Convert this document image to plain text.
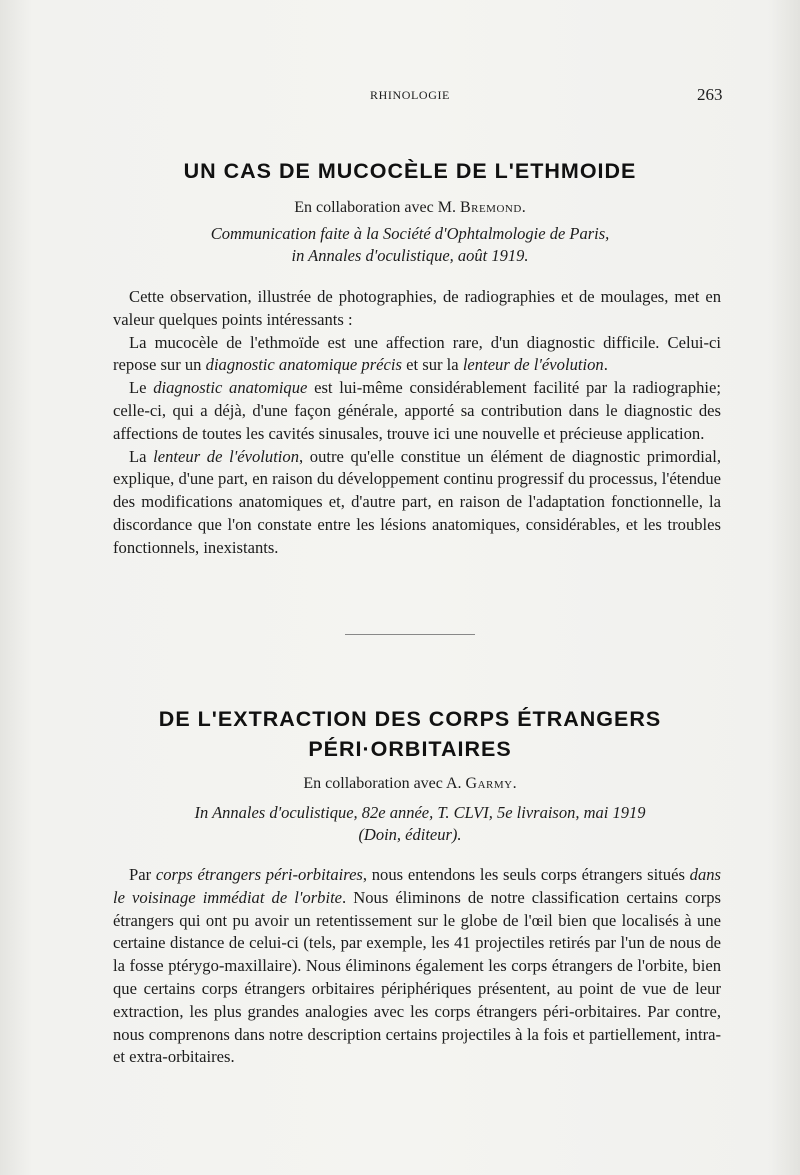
RHINOLOGIE	263
UN CAS DE MUCOCÈLE DE L'ETHMOIDE
En collaboration avec M. Bremond.
Communication faite à la Société d'Ophtalmologie de Paris,
in Annales d'oculistique, août 1919.

Cette observation, illustrée de photographies, de radiographies et de moulages, met en valeur quelques points intéressants :

La mucocèle de l'ethmoïde est une affection rare, d'un diagnostic difficile. Celui-ci repose sur un diagnostic anatomique précis et sur la lenteur de l'évolution.

Le diagnostic anatomique est lui-même considérablement facilité par la radiographie; celle-ci, qui a déjà, d'une façon générale, apporté sa contribution dans le diagnostic des affections de toutes les cavités sinusales, trouve ici une nouvelle et précieuse application.

La lenteur de l'évolution, outre qu'elle constitue un élément de diagnostic primordial, explique, d'une part, en raison du développement continu progressif du processus, l'étendue des modifications anatomiques et, d'autre part, en raison de l'adaptation fonctionnelle, la discordance que l'on constate entre les lésions anatomiques, considérables, et les troubles fonctionnels, inexistants.

DE L'EXTRACTION DES CORPS ÉTRANGERS
PÉRI·ORBITAIRES
En collaboration avec A. Garmy.
In Annales d'oculistique, 82e année, T. CLVI, 5e livraison, mai 1919
(Doin, éditeur).

Par corps étrangers péri-orbitaires, nous entendons les seuls corps étrangers situés dans le voisinage immédiat de l'orbite. Nous éliminons de notre classification certains corps étrangers qui ont pu avoir un retentissement sur le globe de l'œil bien que localisés à une certaine distance de celui-ci (tels, par exemple, les 41 projectiles retirés par l'un de nous de la fosse ptérygo-maxillaire). Nous éliminons également les corps étrangers de l'orbite, bien que certains corps étrangers orbitaires périphériques présentent, au point de vue de leur extraction, les plus grandes analogies avec les corps étrangers péri-orbitaires. Par contre, nous comprenons dans notre description certains projectiles à la fois et partiellement, intra- et extra-orbitaires.
